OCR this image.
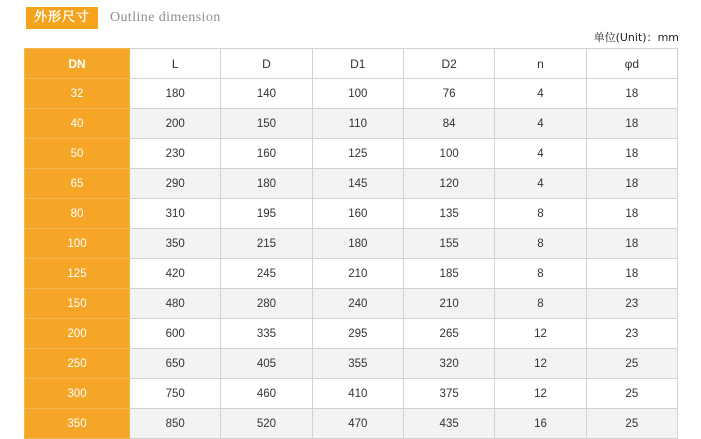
外形尺寸	Outline dimension
单位(Unit)：mm
DN	L	D	D1	D2	n	φd
32	180	140	100	76	4	18
40	200	150	110	84	4	18
50	230	160	125	100	4	18
65	290	180	145	120	4	18
80	310	195	160	135	8	18
100	350	215	180	155	8	18
125	420	245	210	185	8	18
150	480	280	240	210	8	23
200	600	335	295	265	12	23
250	650	405	355	320	12	25
300	750	460	410	375	12	25
350	850	520	470	435	16	25
